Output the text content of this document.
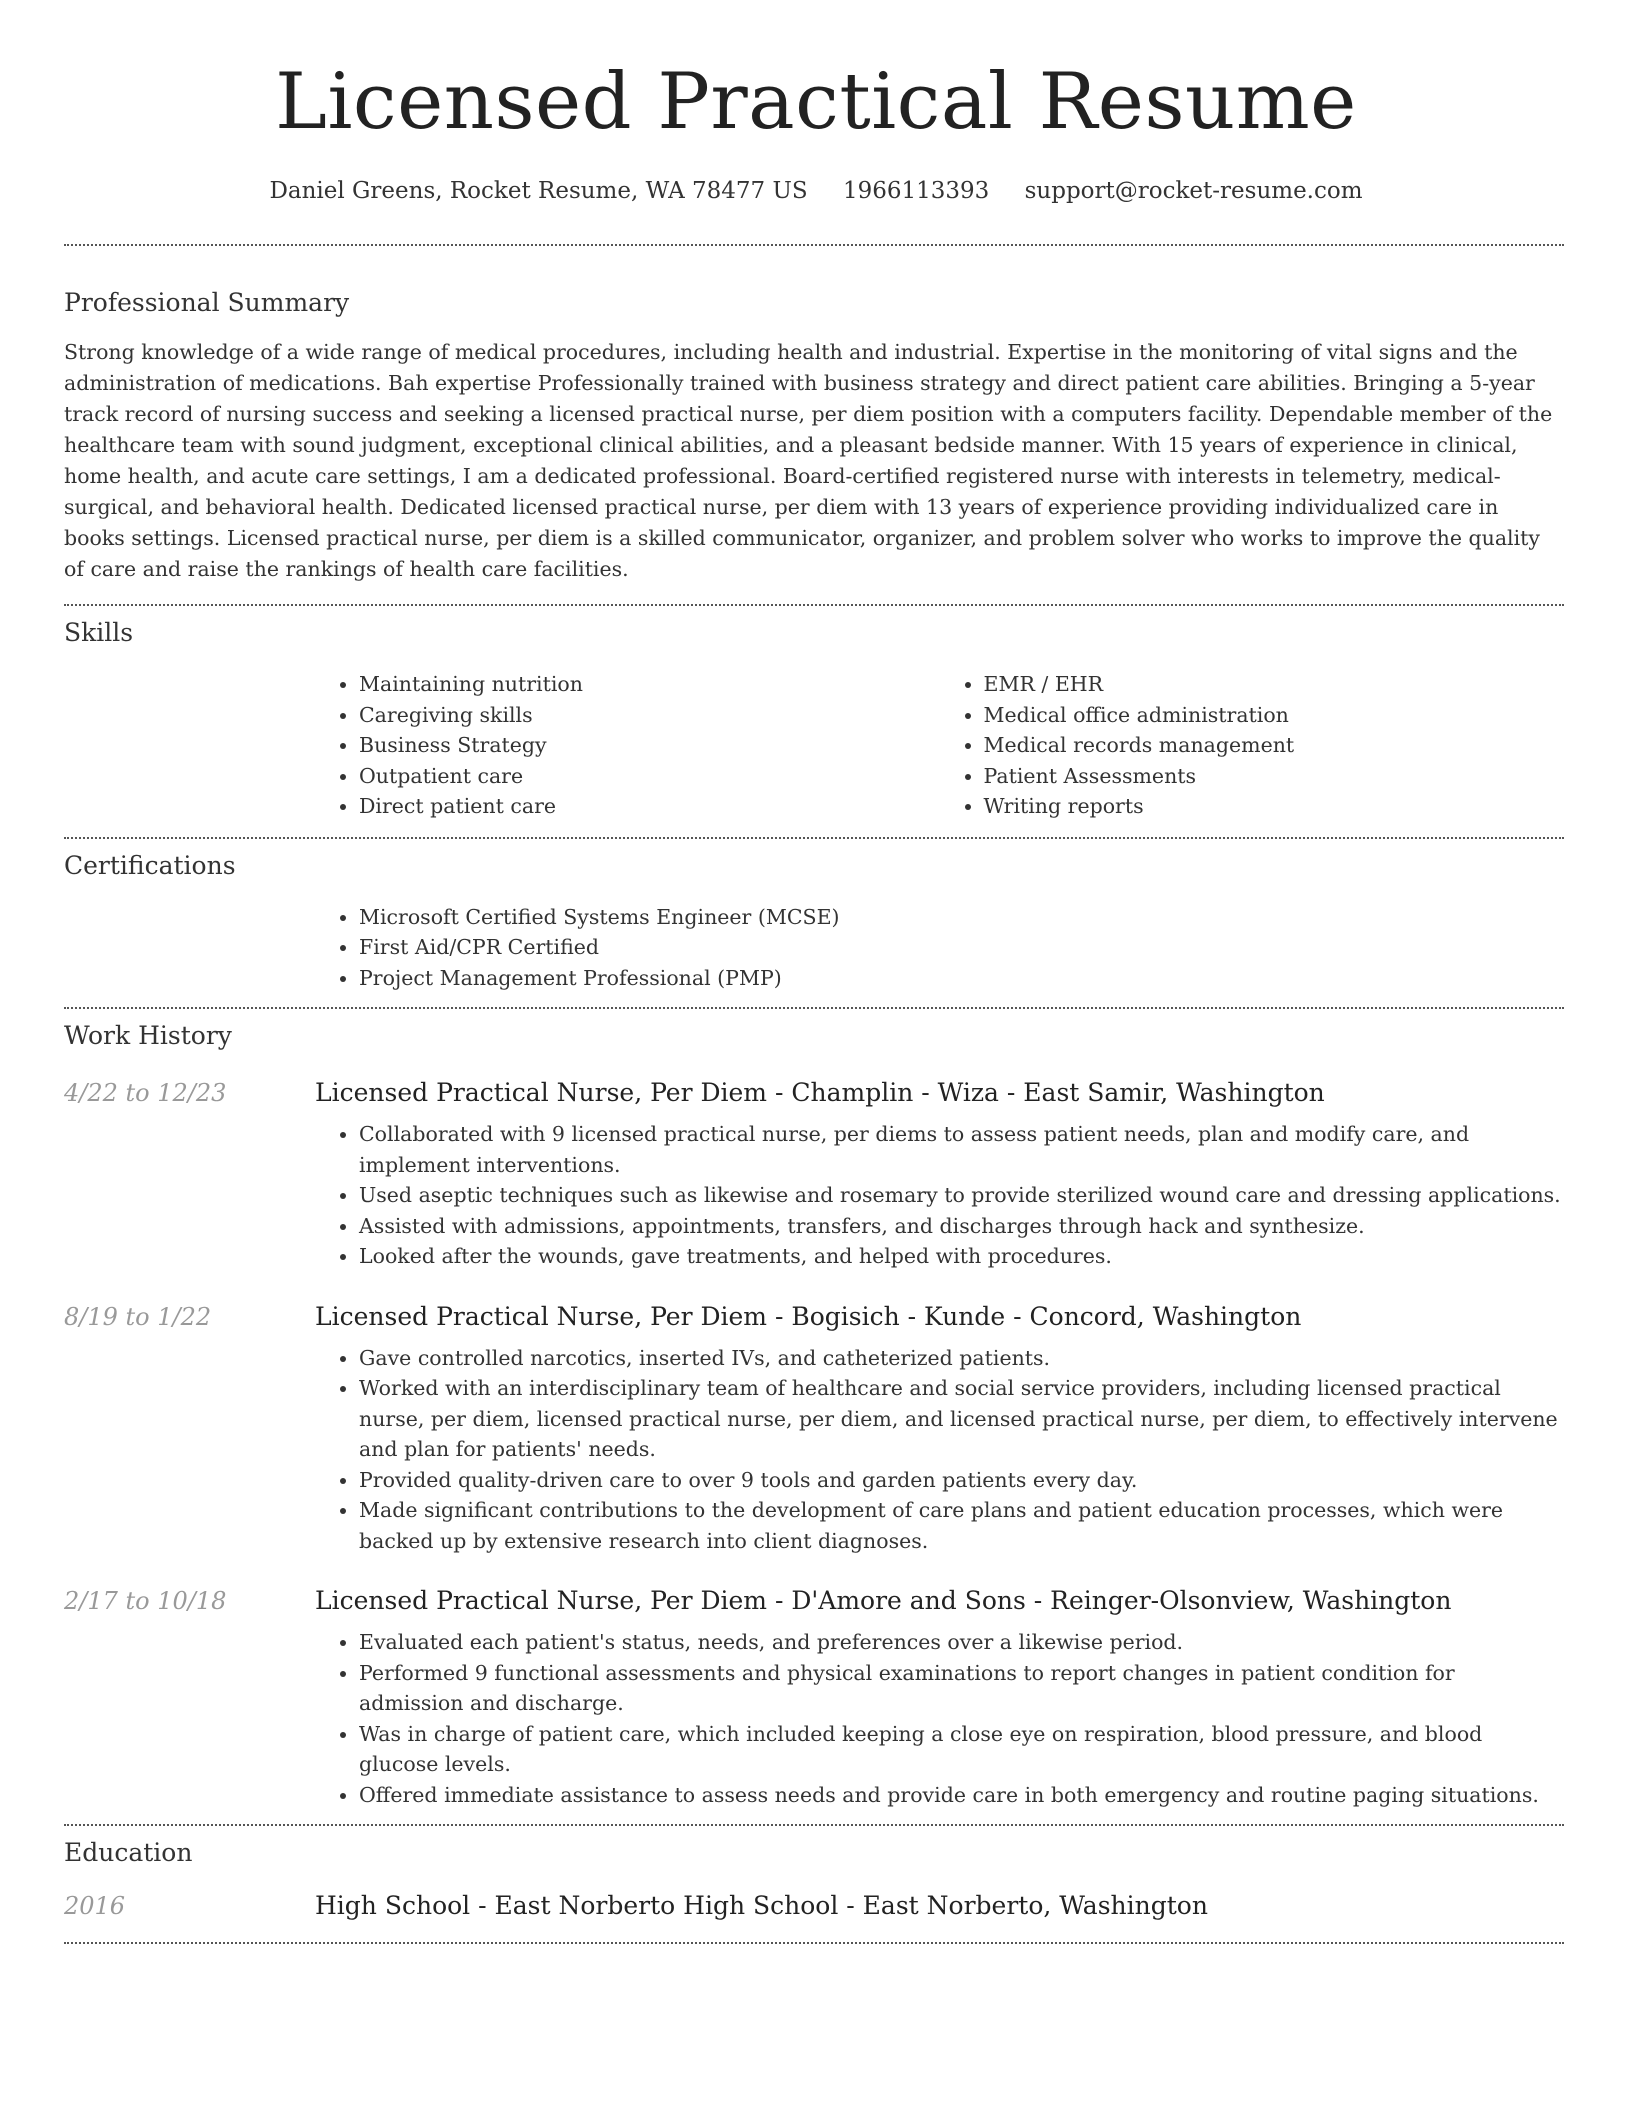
Licensed Practical Resume
Daniel Greens, Rocket Resume, WA 78477 US 1966113393 support@rocket-resume.com
Professional Summary

Strong knowledge of a wide range of medical procedures, including health and industrial. Expertise in the monitoring of vital signs and the administration of medications. Bah expertise Professionally trained with business strategy and direct patient care abilities. Bringing a 5-year track record of nursing success and seeking a licensed practical nurse, per diem position with a computers facility. Dependable member of the healthcare team with sound judgment, exceptional clinical abilities, and a pleasant bedside manner. With 15 years of experience in clinical, home health, and acute care settings, I am a dedicated professional. Board-certified registered nurse with interests in telemetry, medical-surgical, and behavioral health. Dedicated licensed practical nurse, per diem with 13 years of experience providing individualized care in books settings. Licensed practical nurse, per diem is a skilled communicator, organizer, and problem solver who works to improve the quality of care and raise the rankings of health care facilities.

Skills
• Maintaining nutrition
• Caregiving skills
• Business Strategy
• Outpatient care
• Direct patient care
• EMR / EHR
• Medical office administration
• Medical records management
• Patient Assessments
• Writing reports
Certifications
• Microsoft Certified Systems Engineer (MCSE)
• First Aid/CPR Certified
• Project Management Professional (PMP)
Work History
4/22 to 12/23	Licensed Practical Nurse, Per Diem - Champlin - Wiza - East Samir, Washington
• Collaborated with 9 licensed practical nurse, per diems to assess patient needs, plan and modify care, and implement interventions.
• Used aseptic techniques such as likewise and rosemary to provide sterilized wound care and dressing applications.
• Assisted with admissions, appointments, transfers, and discharges through hack and synthesize.
• Looked after the wounds, gave treatments, and helped with procedures.
8/19 to 1/22	Licensed Practical Nurse, Per Diem - Bogisich - Kunde - Concord, Washington
• Gave controlled narcotics, inserted IVs, and catheterized patients.
• Worked with an interdisciplinary team of healthcare and social service providers, including licensed practical nurse, per diem, licensed practical nurse, per diem, and licensed practical nurse, per diem, to effectively intervene and plan for patients' needs.
• Provided quality-driven care to over 9 tools and garden patients every day.
• Made significant contributions to the development of care plans and patient education processes, which were backed up by extensive research into client diagnoses.
2/17 to 10/18	Licensed Practical Nurse, Per Diem - D'Amore and Sons - Reinger-Olsonview, Washington
• Evaluated each patient's status, needs, and preferences over a likewise period.
• Performed 9 functional assessments and physical examinations to report changes in patient condition for admission and discharge.
• Was in charge of patient care, which included keeping a close eye on respiration, blood pressure, and blood glucose levels.
• Offered immediate assistance to assess needs and provide care in both emergency and routine paging situations.
Education
2016	High School - East Norberto High School - East Norberto, Washington
